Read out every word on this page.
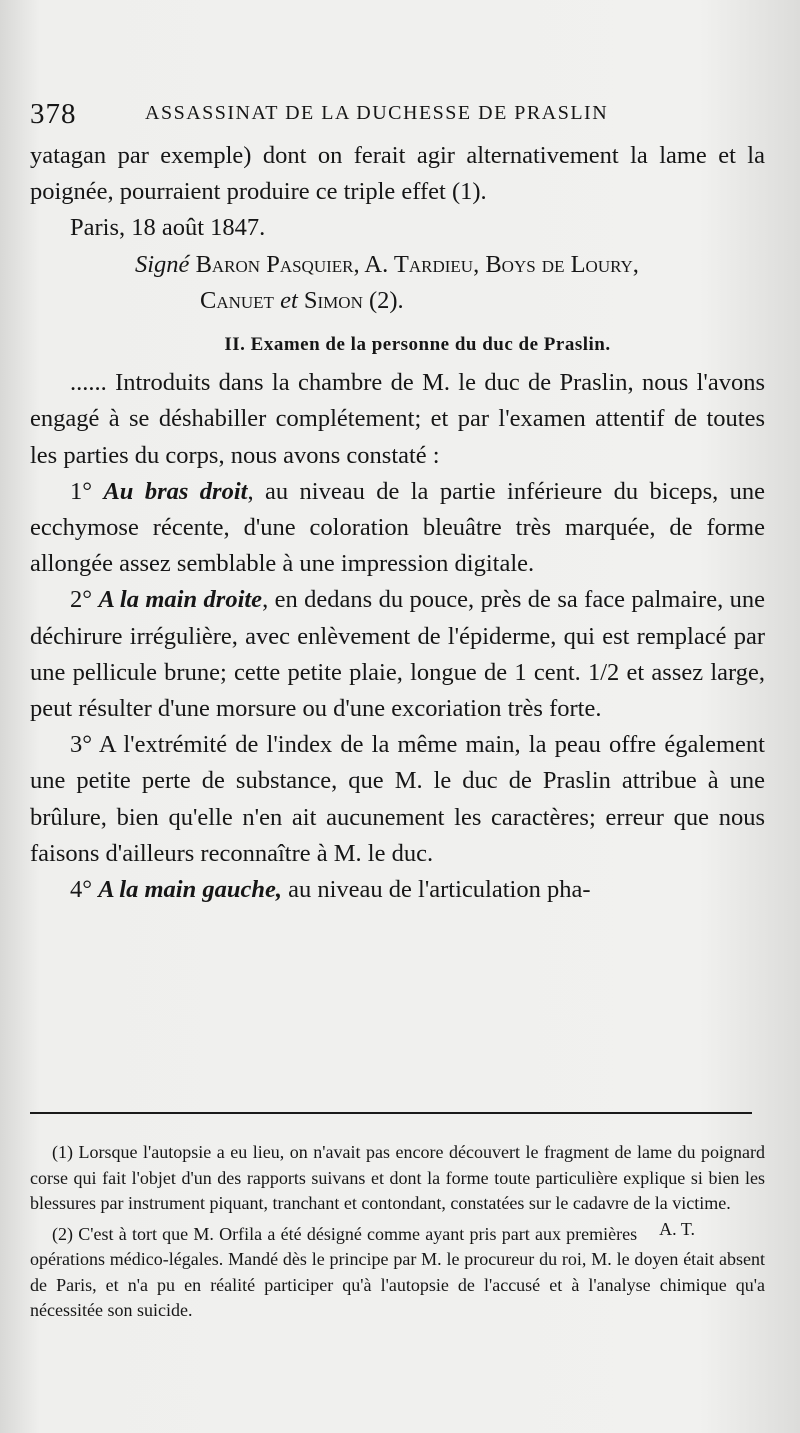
378	ASSASSINAT DE LA DUCHESSE DE PRASLIN

yatagan par exemple) dont on ferait agir alternativement la lame et la poignée, pourraient produire ce triple effet (1).

Paris, 18 août 1847.

Signé Baron Pasquier, A. Tardieu, Boys de Loury,

Canuet et Simon (2).

II. Examen de la personne du duc de Praslin.

...... Introduits dans la chambre de M. le duc de Praslin, nous l'avons engagé à se déshabiller complétement; et par l'examen attentif de toutes les parties du corps, nous avons constaté :

1° Au bras droit, au niveau de la partie inférieure du biceps, une ecchymose récente, d'une coloration bleuâtre très marquée, de forme allongée assez semblable à une impression digitale.

2° A la main droite, en dedans du pouce, près de sa face palmaire, une déchirure irrégulière, avec enlèvement de l'épiderme, qui est remplacé par une pellicule brune; cette petite plaie, longue de 1 cent. 1/2 et assez large, peut résulter d'une morsure ou d'une excoriation très forte.

3° A l'extrémité de l'index de la même main, la peau offre également une petite perte de substance, que M. le duc de Praslin attribue à une brûlure, bien qu'elle n'en ait aucunement les caractères; erreur que nous faisons d'ailleurs reconnaître à M. le duc.

4° A la main gauche, au niveau de l'articulation pha-

(1) Lorsque l'autopsie a eu lieu, on n'avait pas encore découvert le fragment de lame du poignard corse qui fait l'objet d'un des rapports suivans et dont la forme toute particulière explique si bien les blessures par instrument piquant, tranchant et contondant, constatées sur le cadavre de la victime.
A. T.

(2) C'est à tort que M. Orfila a été désigné comme ayant pris part aux premières opérations médico-légales. Mandé dès le principe par M. le procureur du roi, M. le doyen était absent de Paris, et n'a pu en réalité participer qu'à l'autopsie de l'accusé et à l'analyse chimique qu'a nécessitée son suicide.
